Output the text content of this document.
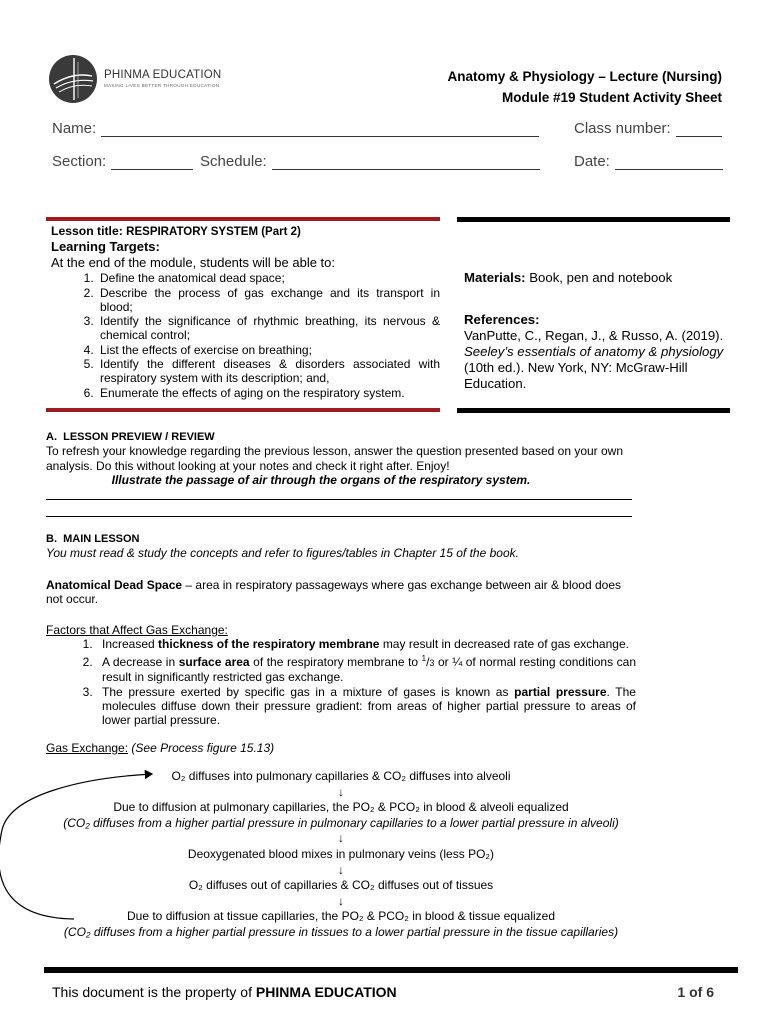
PHINMA EDUCATION
MAKING LIVES BETTER THROUGH EDUCATION
Anatomy & Physiology – Lecture (Nursing)
Module #19 Student Activity Sheet
Name:	Class number:
Section:	Schedule:	Date:
Lesson title: RESPIRATORY SYSTEM (Part 2)
Learning Targets:
At the end of the module, students will be able to:
1. Define the anatomical dead space;
2. Describe the process of gas exchange and its transport in blood;
3. Identify the significance of rhythmic breathing, its nervous & chemical control;
4. List the effects of exercise on breathing;
5. Identify the different diseases & disorders associated with respiratory system with its description; and,
6. Enumerate the effects of aging on the respiratory system.
Materials: Book, pen and notebook
References:
VanPutte, C., Regan, J., & Russo, A. (2019). Seeley’s essentials of anatomy & physiology (10th ed.). New York, NY: McGraw-Hill Education.
A.  LESSON PREVIEW / REVIEW
To refresh your knowledge regarding the previous lesson, answer the question presented based on your own analysis. Do this without looking at your notes and check it right after. Enjoy!
Illustrate the passage of air through the organs of the respiratory system.
B.  MAIN LESSON
You must read & study the concepts and refer to figures/tables in Chapter 15 of the book.
Anatomical Dead Space – area in respiratory passageways where gas exchange between air & blood does not occur.
Factors that Affect Gas Exchange:
1. Increased thickness of the respiratory membrane may result in decreased rate of gas exchange.
2. A decrease in surface area of the respiratory membrane to $^1$/3 or ¼ of normal resting conditions can result in significantly restricted gas exchange.
3. The pressure exerted by specific gas in a mixture of gases is known as partial pressure. The molecules diffuse down their pressure gradient: from areas of higher partial pressure to areas of lower partial pressure.
Gas Exchange: (See Process figure 15.13)
O₂ diffuses into pulmonary capillaries & CO₂ diffuses into alveoli
↓
Due to diffusion at pulmonary capillaries, the PO₂ & PCO₂ in blood & alveoli equalized
(CO₂ diffuses from a higher partial pressure in pulmonary capillaries to a lower partial pressure in alveoli)
↓
Deoxygenated blood mixes in pulmonary veins (less PO₂)
↓
O₂ diffuses out of capillaries & CO₂ diffuses out of tissues
↓
Due to diffusion at tissue capillaries, the PO₂ & PCO₂ in blood & tissue equalized
(CO₂ diffuses from a higher partial pressure in tissues to a lower partial pressure in the tissue capillaries)
This document is the property of PHINMA EDUCATION	1 of 6
